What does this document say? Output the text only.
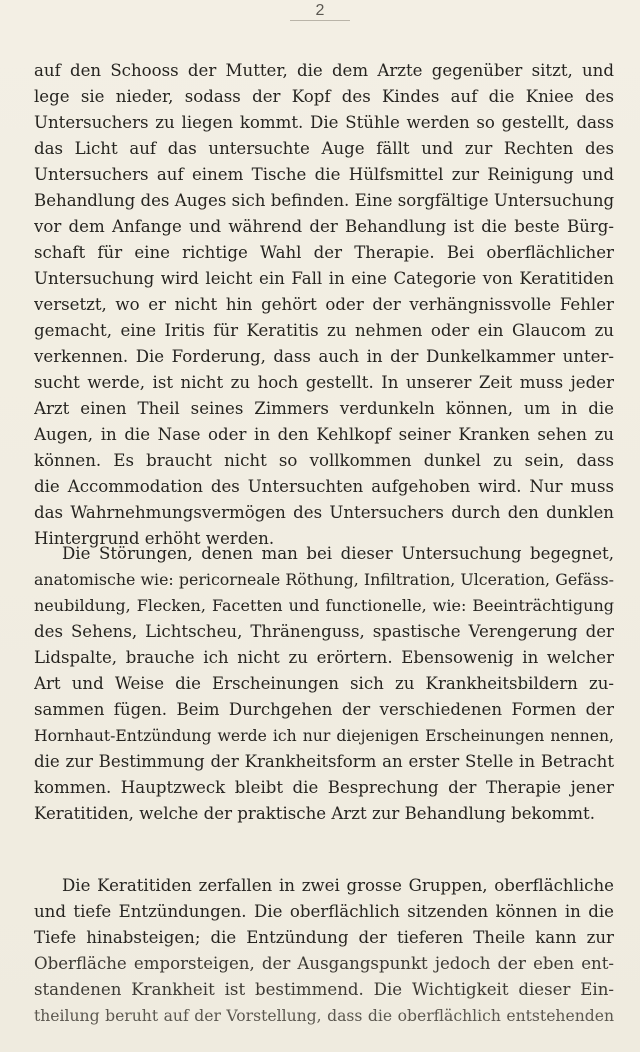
2
auf den Schooss der Mutter, die dem Arzte gegenüber sitzt, und
lege sie nieder, sodass der Kopf des Kindes auf die Kniee des
Untersuchers zu liegen kommt. Die Stühle werden so gestellt, dass
das Licht auf das untersuchte Auge fällt und zur Rechten des
Untersuchers auf einem Tische die Hülfsmittel zur Reinigung und
Behandlung des Auges sich befinden. Eine sorgfältige Untersuchung
vor dem Anfange und während der Behandlung ist die beste Bürg-
schaft für eine richtige Wahl der Therapie. Bei oberflächlicher
Untersuchung wird leicht ein Fall in eine Categorie von Keratitiden
versetzt, wo er nicht hin gehört oder der verhängnissvolle Fehler
gemacht, eine Iritis für Keratitis zu nehmen oder ein Glaucom zu
verkennen. Die Forderung, dass auch in der Dunkelkammer unter-
sucht werde, ist nicht zu hoch gestellt. In unserer Zeit muss jeder
Arzt einen Theil seines Zimmers verdunkeln können, um in die
Augen, in die Nase oder in den Kehlkopf seiner Kranken sehen zu
können. Es braucht nicht so vollkommen dunkel zu sein, dass
die Accommodation des Untersuchten aufgehoben wird. Nur muss
das Wahrnehmungsvermögen des Untersuchers durch den dunklen
Hintergrund erhöht werden.
Die Störungen, denen man bei dieser Untersuchung begegnet,
anatomische wie: pericorneale Röthung, Infiltration, Ulceration, Gefäss-
neubildung, Flecken, Facetten und functionelle, wie: Beeinträchtigung
des Sehens, Lichtscheu, Thränenguss, spastische Verengerung der
Lidspalte, brauche ich nicht zu erörtern. Ebensowenig in welcher
Art und Weise die Erscheinungen sich zu Krankheitsbildern zu-
sammen fügen. Beim Durchgehen der verschiedenen Formen der
Hornhaut-Entzündung werde ich nur diejenigen Erscheinungen nennen,
die zur Bestimmung der Krankheitsform an erster Stelle in Betracht
kommen. Hauptzweck bleibt die Besprechung der Therapie jener
Keratitiden, welche der praktische Arzt zur Behandlung bekommt.
Die Keratitiden zerfallen in zwei grosse Gruppen, oberflächliche
und tiefe Entzündungen. Die oberflächlich sitzenden können in die
Tiefe hinabsteigen; die Entzündung der tieferen Theile kann zur
Oberfläche emporsteigen, der Ausgangspunkt jedoch der eben ent-
standenen Krankheit ist bestimmend. Die Wichtigkeit dieser Ein-
theilung beruht auf der Vorstellung, dass die oberflächlich entstehenden
